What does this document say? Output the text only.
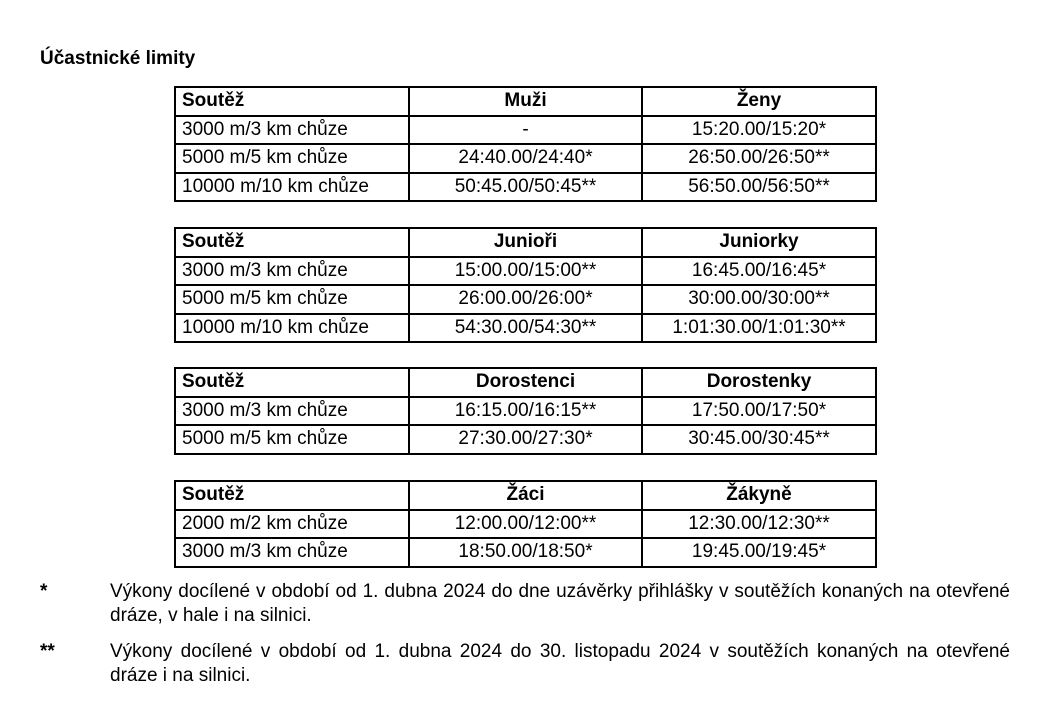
Účastnické limity
Soutěž	Muži	Ženy
3000 m/3 km chůze	-	15:20.00/15:20*
5000 m/5 km chůze	24:40.00/24:40*	26:50.00/26:50**
10000 m/10 km chůze	50:45.00/50:45**	56:50.00/56:50**
Soutěž	Junioři	Juniorky
3000 m/3 km chůze	15:00.00/15:00**	16:45.00/16:45*
5000 m/5 km chůze	26:00.00/26:00*	30:00.00/30:00**
10000 m/10 km chůze	54:30.00/54:30**	1:01:30.00/1:01:30**
Soutěž	Dorostenci	Dorostenky
3000 m/3 km chůze	16:15.00/16:15**	17:50.00/17:50*
5000 m/5 km chůze	27:30.00/27:30*	30:45.00/30:45**
Soutěž	Žáci	Žákyně
2000 m/2 km chůze	12:00.00/12:00**	12:30.00/12:30**
3000 m/3 km chůze	18:50.00/18:50*	19:45.00/19:45*
*	Výkony docílené v období od 1. dubna 2024 do dne uzávěrky přihlášky v soutěžích konaných na otevřené dráze, v hale i na silnici.
**	Výkony docílené v období od 1. dubna 2024 do 30. listopadu 2024 v soutěžích konaných na otevřené dráze i na silnici.
